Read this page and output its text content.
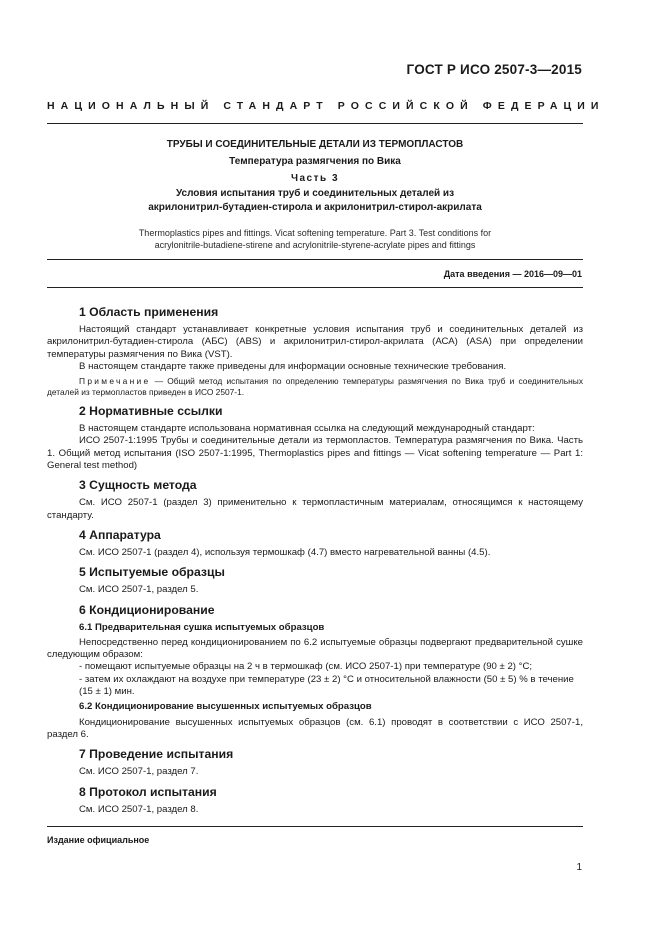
ГОСТ Р ИСО 2507-3—2015
НАЦИОНАЛЬНЫЙ СТАНДАРТ РОССИЙСКОЙ ФЕДЕРАЦИИ
ТРУБЫ И СОЕДИНИТЕЛЬНЫЕ ДЕТАЛИ ИЗ ТЕРМОПЛАСТОВ
Температура размягчения по Вика
Часть 3
Условия испытания труб и соединительных деталей из
акрилонитрил-бутадиен-стирола и акрилонитрил-стирол-акрилата
Thermoplastics pipes and fittings. Vicat softening temperature. Part 3. Test conditions for
acrylonitrile-butadiene-stirene and acrylonitrile-styrene-acrylate pipes and fittings
Дата введения — 2016—09—01
1 Область применения

Настоящий стандарт устанавливает конкретные условия испытания труб и соединительных деталей из акрилонитрил-бутадиен-стирола (АБС) (ABS) и акрилонитрил-стирол-акрилата (АСА) (ASA) при определении температуры размягчения по Вика (VST).

В настоящем стандарте также приведены для информации основные технические требования.

Примечание — Общий метод испытания по определению температуры размягчения по Вика труб и соединительных деталей из термопластов приведен в ИСО 2507-1.

2 Нормативные ссылки

В настоящем стандарте использована нормативная ссылка на следующий международный стандарт:

ИСО 2507-1:1995 Трубы и соединительные детали из термопластов. Температура размягчения по Вика. Часть 1. Общий метод испытания (ISO 2507-1:1995, Thermoplastics pipes and fittings — Vicat softening temperature — Part 1: General test method)

3 Сущность метода

См. ИСО 2507-1 (раздел 3) применительно к термопластичным материалам, относящимся к настоящему стандарту.

4 Аппаратура

См. ИСО 2507-1 (раздел 4), используя термошкаф (4.7) вместо нагревательной ванны (4.5).

5 Испытуемые образцы

См. ИСО 2507-1, раздел 5.

6 Кондиционирование
6.1 Предварительная сушка испытуемых образцов

Непосредственно перед кондиционированием по 6.2 испытуемые образцы подвергают предварительной сушке следующим образом:

- помещают испытуемые образцы на 2 ч в термошкаф (см. ИСО 2507-1) при температуре (90 ± 2) °С;

- затем их охлаждают на воздухе при температуре (23 ± 2) °С и относительной влажности (50 ± 5) % в течение (15 ± 1) мин.

6.2 Кондиционирование высушенных испытуемых образцов

Кондиционирование высушенных испытуемых образцов (см. 6.1) проводят в соответствии с ИСО 2507-1, раздел 6.

7 Проведение испытания

См. ИСО 2507-1, раздел 7.

8 Протокол испытания

См. ИСО 2507-1, раздел 8.

Издание официальное
1
